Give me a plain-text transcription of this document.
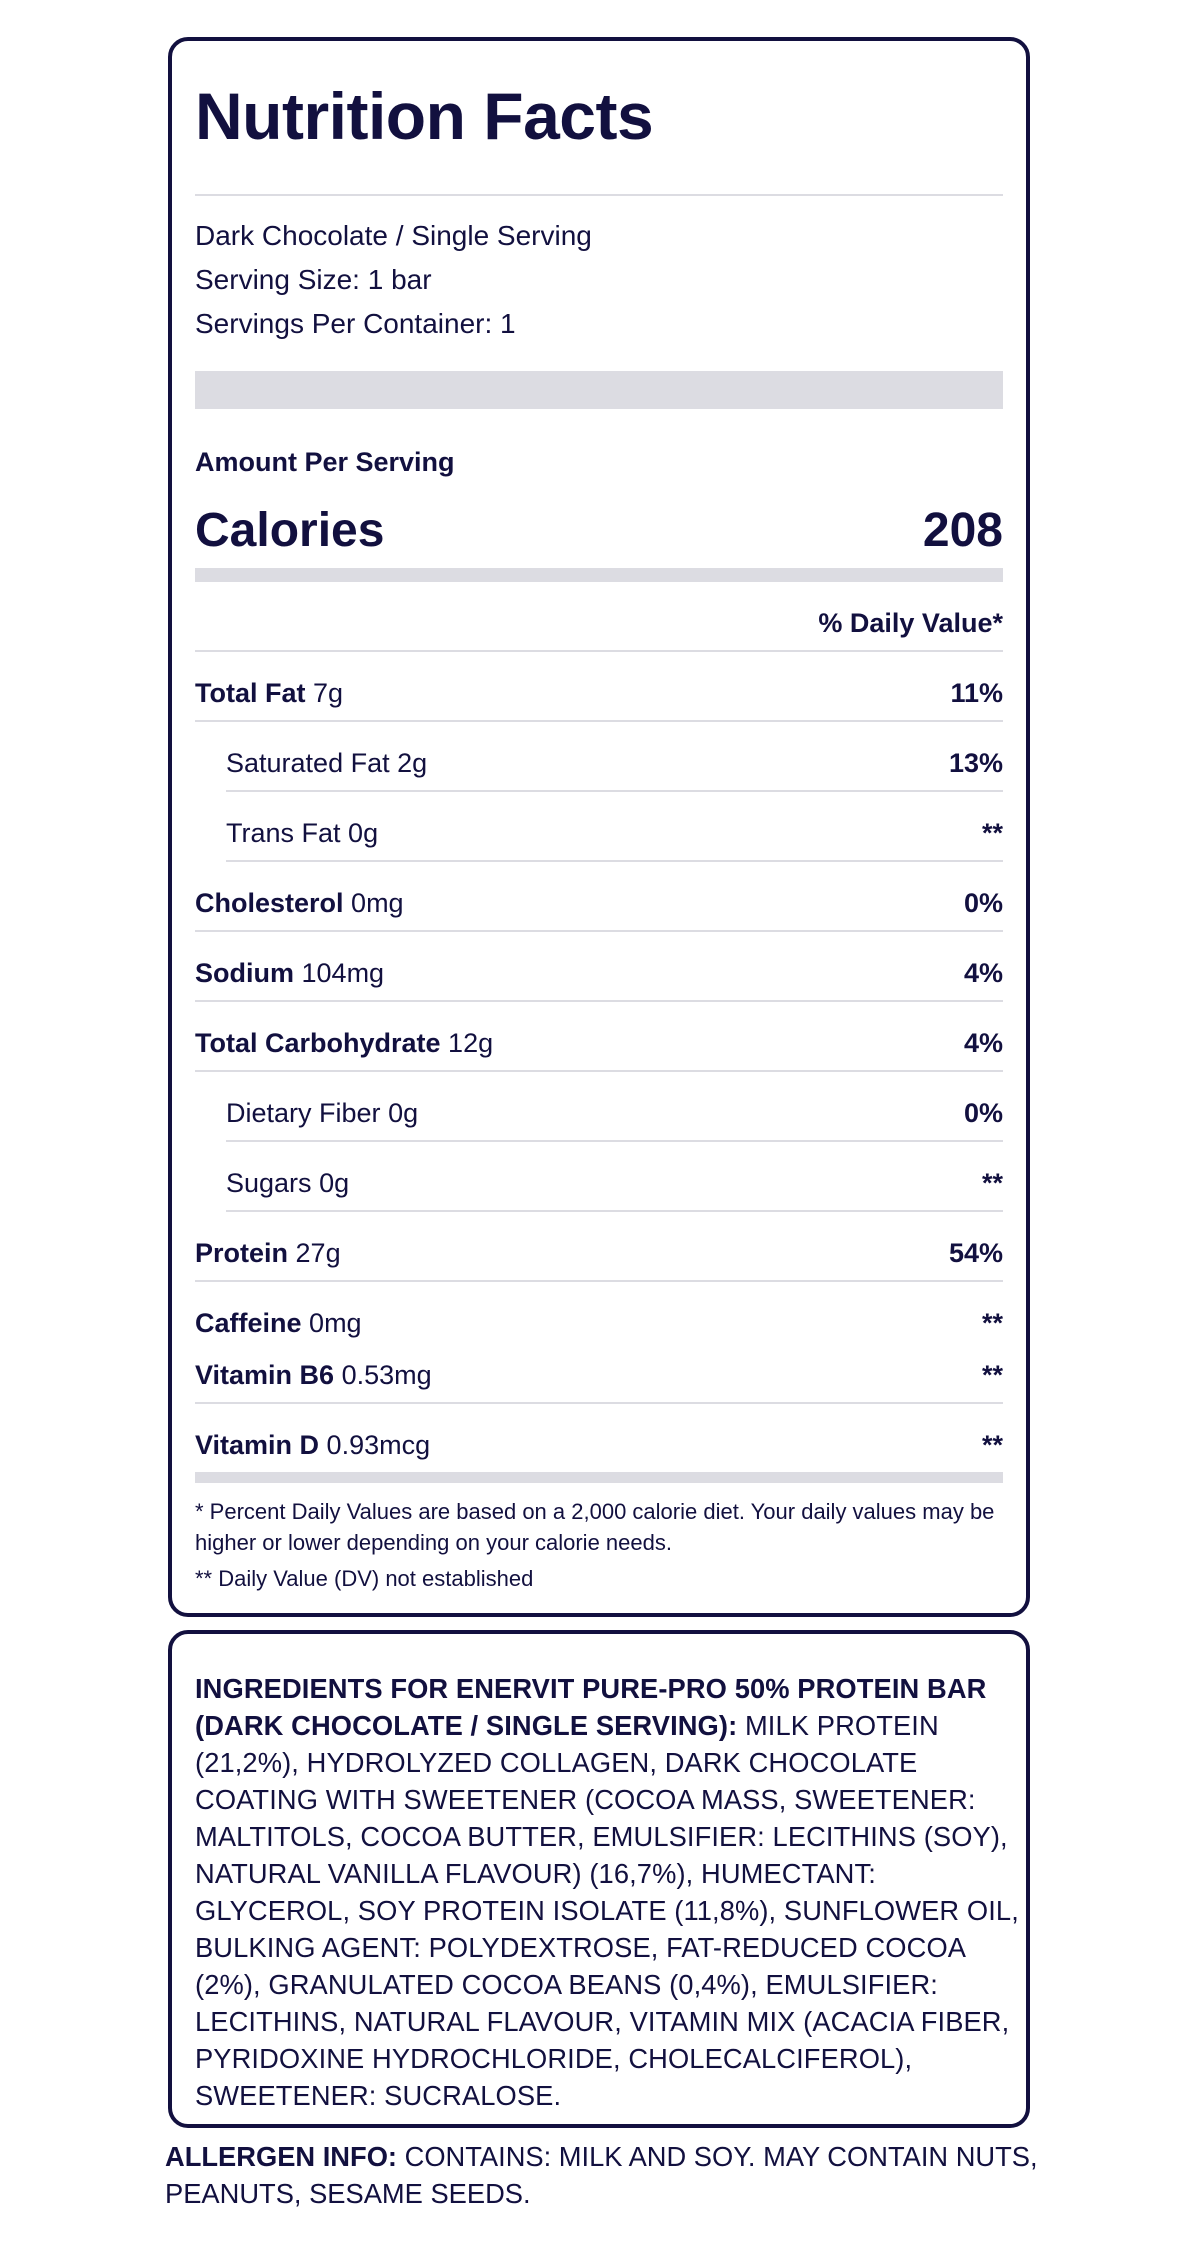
Nutrition Facts
Dark Chocolate / Single Serving
Serving Size: 1 bar
Servings Per Container: 1
Amount Per Serving
Calories	208
% Daily Value*
Total Fat 7g	11%
Saturated Fat 2g	13%
Trans Fat 0g	**
Cholesterol 0mg	0%
Sodium 104mg	4%
Total Carbohydrate 12g	4%
Dietary Fiber 0g	0%
Sugars 0g	**
Protein 27g	54%
Caffeine 0mg	**
Vitamin B6 0.53mg	**
Vitamin D 0.93mcg	**
* Percent Daily Values are based on a 2,000 calorie diet. Your daily values may be higher or lower depending on your calorie needs.
** Daily Value (DV) not established
INGREDIENTS FOR ENERVIT PURE-PRO 50% PROTEIN BAR (DARK CHOCOLATE / SINGLE SERVING): MILK PROTEIN (21,2%), HYDROLYZED COLLAGEN, DARK CHOCOLATE COATING WITH SWEETENER (COCOA MASS, SWEETENER: MALTITOLS, COCOA BUTTER, EMULSIFIER: LECITHINS (SOY), NATURAL VANILLA FLAVOUR) (16,7%), HUMECTANT: GLYCEROL, SOY PROTEIN ISOLATE (11,8%), SUNFLOWER OIL, BULKING AGENT: POLYDEXTROSE, FAT-REDUCED COCOA (2%), GRANULATED COCOA BEANS (0,4%), EMULSIFIER: LECITHINS, NATURAL FLAVOUR, VITAMIN MIX (ACACIA FIBER, PYRIDOXINE HYDROCHLORIDE, CHOLECALCIFEROL), SWEETENER: SUCRALOSE.
ALLERGEN INFO: CONTAINS: MILK AND SOY. MAY CONTAIN NUTS, PEANUTS, SESAME SEEDS.
